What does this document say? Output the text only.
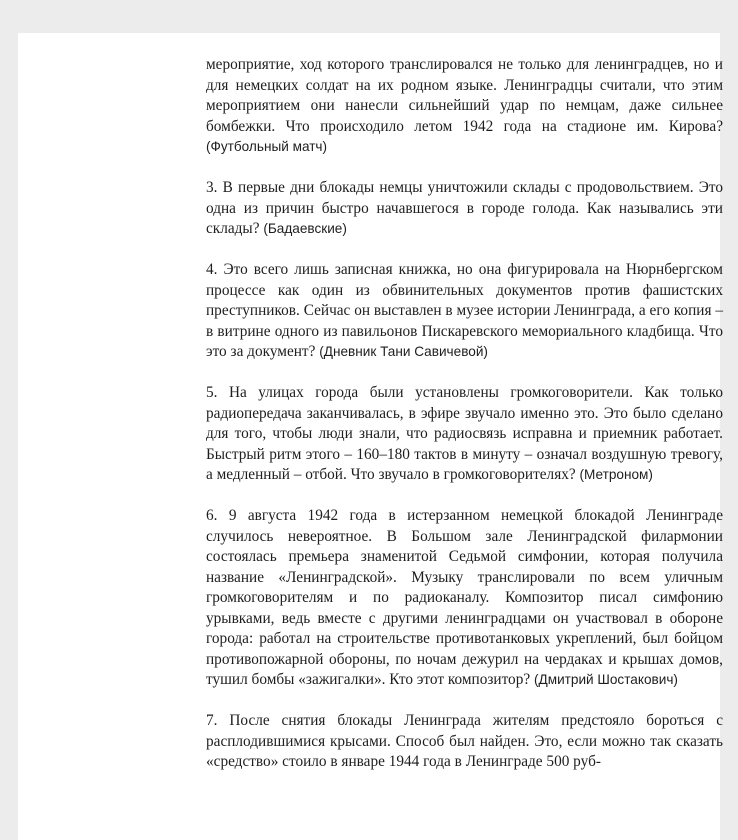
мероприятие, ход которого транслировался не только для ленинградцев, но и для немецких солдат на их родном языке. Ленинградцы считали, что этим мероприятием они нанесли сильнейший удар по немцам, даже сильнее бомбежки. Что происходило летом 1942 года на стадионе им. Кирова? (Футбольный матч)

3. В первые дни блокады немцы уничтожили склады с продовольствием. Это одна из причин быстро начавшегося в городе голода. Как назывались эти склады? (Бадаевские)

4. Это всего лишь записная книжка, но она фигурировала на Нюрнбергском процессе как один из обвинительных документов против фашистских преступников. Сейчас он выставлен в музее истории Ленинграда, а его копия – в витрине одного из павильонов Пискаревского мемориального кладбища. Что это за документ? (Дневник Тани Савичевой)

5. На улицах города были установлены громкоговорители. Как только радиопередача заканчивалась, в эфире звучало именно это. Это было сделано для того, чтобы люди знали, что радиосвязь исправна и приемник работает. Быстрый ритм этого – 160–180 тактов в минуту – означал воздушную тревогу, а медленный – отбой. Что звучало в громкоговорителях? (Метроном)

6. 9 августа 1942 года в истерзанном немецкой блокадой Ленинграде случилось невероятное. В Большом зале Ленинградской филармонии состоялась премьера знаменитой Седьмой симфонии, которая получила название «Ленинградской». Музыку транслировали по всем уличным громкоговорителям и по радиоканалу. Композитор писал симфонию урывками, ведь вместе с другими ленинградцами он участвовал в обороне города: работал на строительстве противотанковых укреплений, был бойцом противопожарной обороны, по ночам дежурил на чердаках и крышах домов, тушил бомбы «зажигалки». Кто этот композитор? (Дмитрий Шостакович)

7. После снятия блокады Ленинграда жителям предстояло бороться с расплодившимися крысами. Способ был найден. Это, если можно так сказать «средство» стоило в январе 1944 года в Ленинграде 500 руб-
